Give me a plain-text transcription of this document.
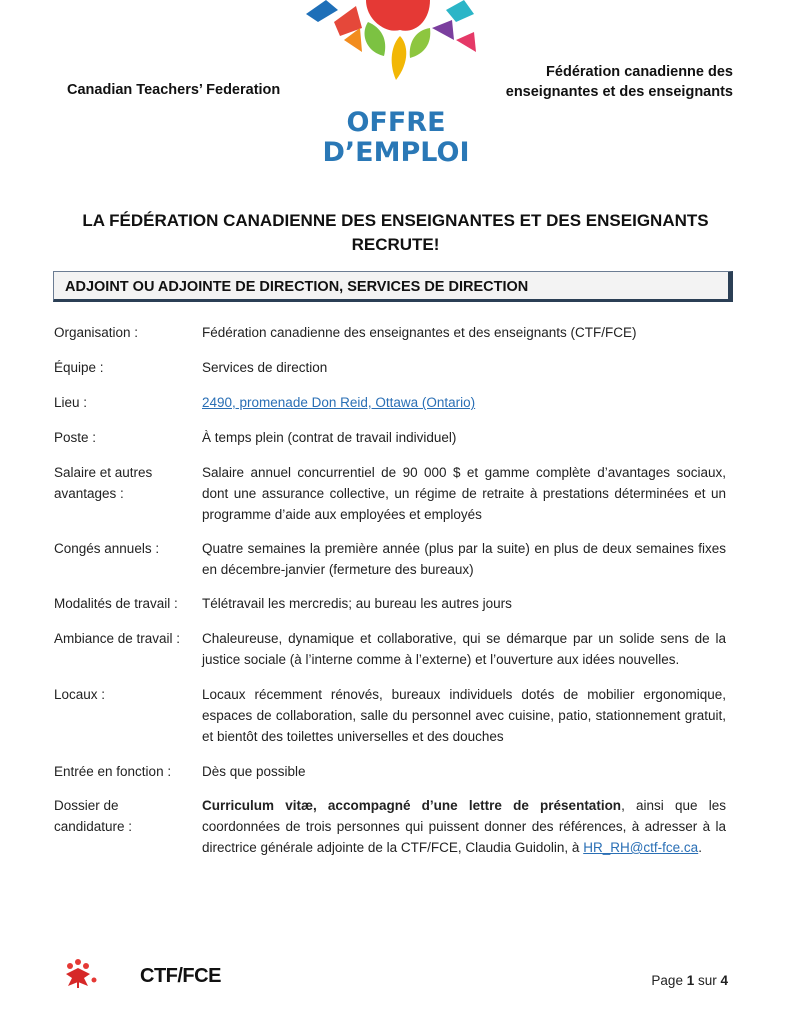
Canadian Teachers’ Federation
Fédération canadienne des
enseignantes et des enseignants
OFFRE
D’EMPLOI
LA FÉDÉRATION CANADIENNE DES ENSEIGNANTES ET DES ENSEIGNANTS
RECRUTE!
ADJOINT OU ADJOINTE DE DIRECTION, SERVICES DE DIRECTION
Organisation :	Fédération canadienne des enseignantes et des enseignants (CTF/FCE)
Équipe :	Services de direction
Lieu :	2490, promenade Don Reid, Ottawa (Ontario)
Poste :	À temps plein (contrat de travail individuel)
Salaire et autres avantages :
Salaire annuel concurrentiel de 90 000 $ et gamme complète d’avantages sociaux, dont une assurance collective, un régime de retraite à prestations déterminées et un programme d’aide aux employées et employés
Congés annuels :	Quatre semaines la première année (plus par la suite) en plus de deux semaines fixes en décembre-janvier (fermeture des bureaux)
Modalités de travail :	Télétravail les mercredis; au bureau les autres jours
Ambiance de travail :	Chaleureuse, dynamique et collaborative, qui se démarque par un solide sens de la justice sociale (à l’interne comme à l’externe) et l’ouverture aux idées nouvelles.
Locaux :	Locaux récemment rénovés, bureaux individuels dotés de mobilier ergonomique, espaces de collaboration, salle du personnel avec cuisine, patio, stationnement gratuit, et bientôt des toilettes universelles et des douches
Entrée en fonction :	Dès que possible
Dossier de candidature :
Curriculum vitæ, accompagné d’une lettre de présentation, ainsi que les coordonnées de trois personnes qui puissent donner des références, à adresser à la directrice générale adjointe de la CTF/FCE, Claudia Guidolin, à HR_RH@ctf-fce.ca.
CTF/FCE	Page 1 sur 4
